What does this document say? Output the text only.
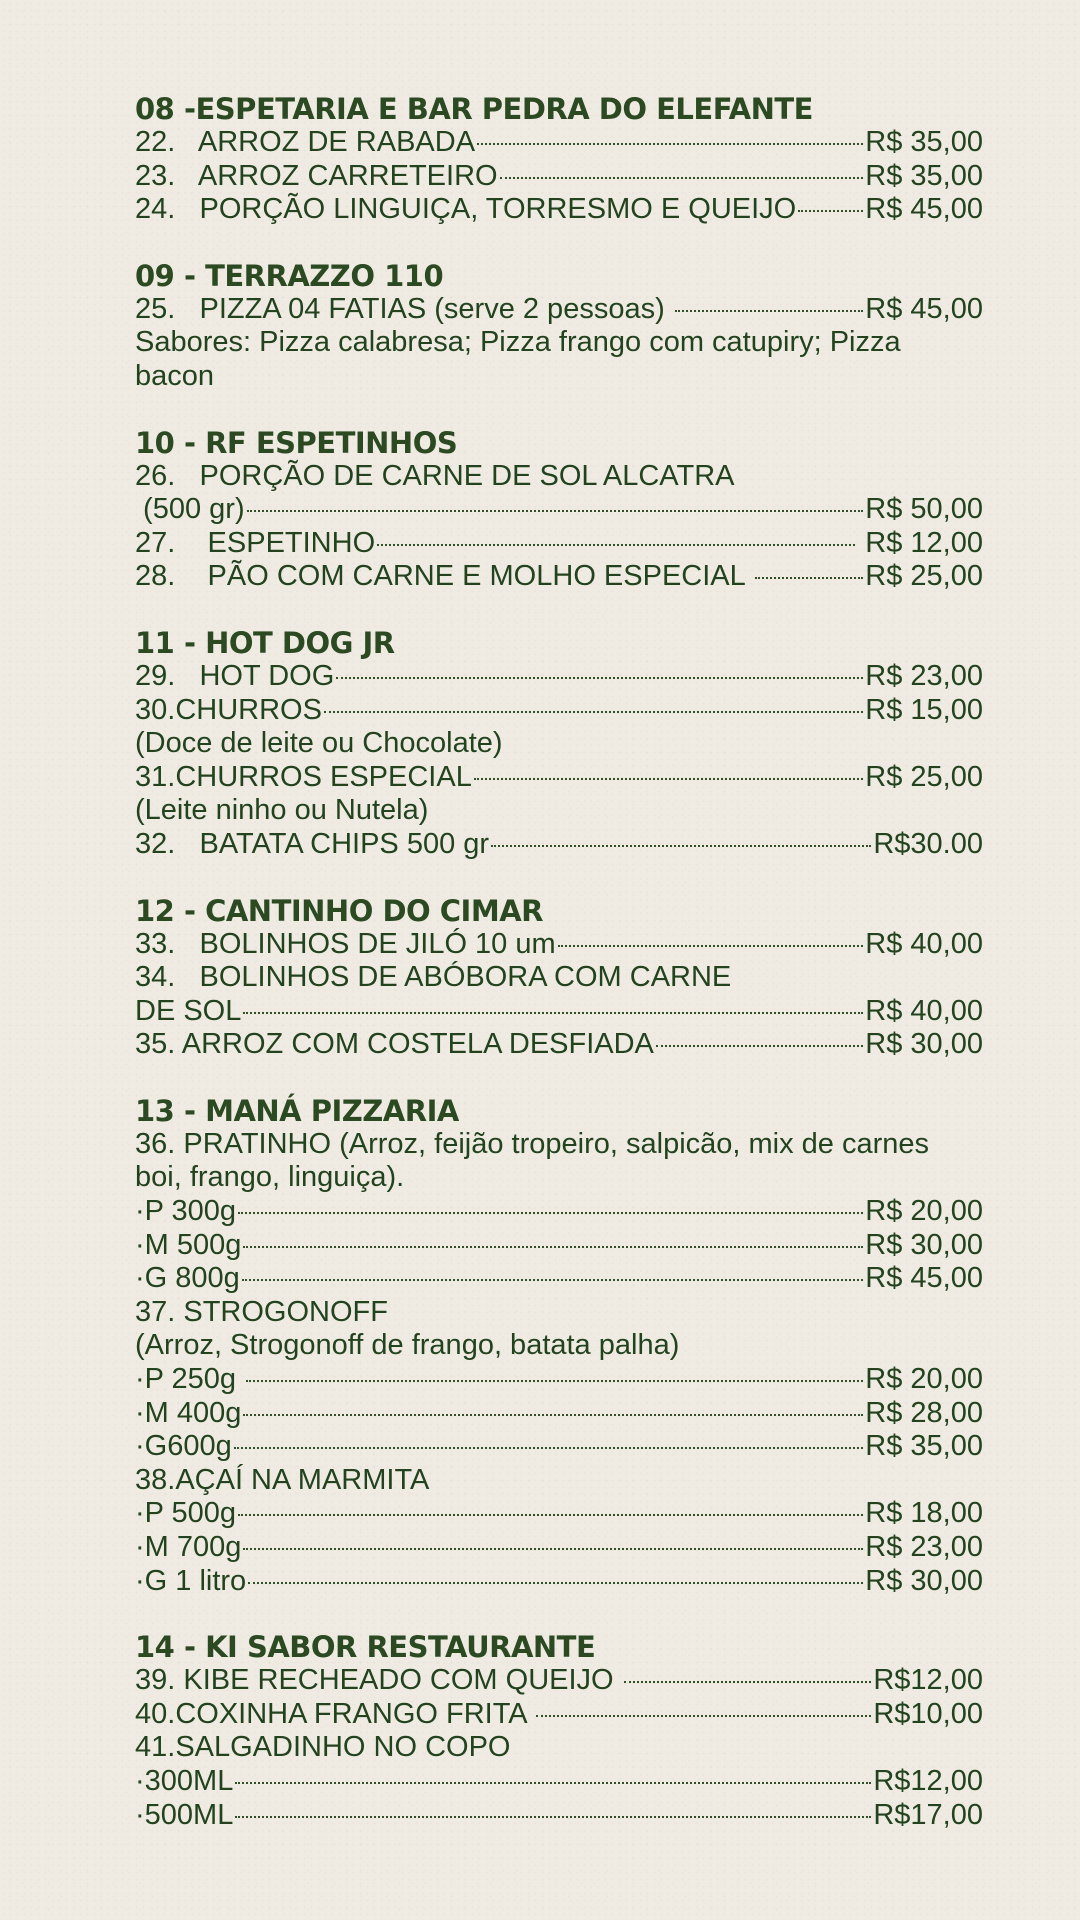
08 -ESPETARIA E BAR PEDRA DO ELEFANTE
22.   ARROZ DE RABADA	R$ 35,00
23.   ARROZ CARRETEIRO	R$ 35,00
24.   PORÇÃO LINGUIÇA, TORRESMO E QUEIJO R$ 45,00
09 - TERRAZZO 110
25.   PIZZA 04 FATIAS (serve 2 pessoas)	R$ 45,00
Sabores: Pizza calabresa; Pizza frango com catupiry; Pizza bacon
10 - RF ESPETINHOS
26.   PORÇÃO DE CARNE DE SOL ALCATRA
(500 gr)	R$ 50,00
27.    ESPETINHO	R$ 12,00
28.    PÃO COM CARNE E MOLHO ESPECIAL	R$ 25,00
11 - HOT DOG JR
29.   HOT DOG	R$ 23,00
30.CHURROS	R$ 15,00
(Doce de leite ou Chocolate)
31.CHURROS ESPECIAL	R$ 25,00
(Leite ninho ou Nutela)
32.   BATATA CHIPS 500 gr	R$30.00
12 - CANTINHO DO CIMAR
33.   BOLINHOS DE JILÓ 10 um	R$ 40,00
34.   BOLINHOS DE ABÓBORA COM CARNE
DE SOL	R$ 40,00
35. ARROZ COM COSTELA DESFIADA	R$ 30,00
13 - MANÁ PIZZARIA
36. PRATINHO (Arroz, feijão tropeiro, salpicão, mix de carnes boi, frango, linguiça).
·P 300g	R$ 20,00
·M 500g	R$ 30,00
·G 800g	R$ 45,00
37. STROGONOFF
(Arroz, Strogonoff de frango, batata palha)
·P 250g	R$ 20,00
·M 400g	R$ 28,00
·G600g	R$ 35,00
38.AÇAÍ NA MARMITA
·P 500g	R$ 18,00
·M 700g	R$ 23,00
·G 1 litro	R$ 30,00
14 - KI SABOR RESTAURANTE
39. KIBE RECHEADO COM QUEIJO	R$12,00
40.COXINHA FRANGO FRITA	R$10,00
41.SALGADINHO NO COPO
·300ML	R$12,00
·500ML	R$17,00
